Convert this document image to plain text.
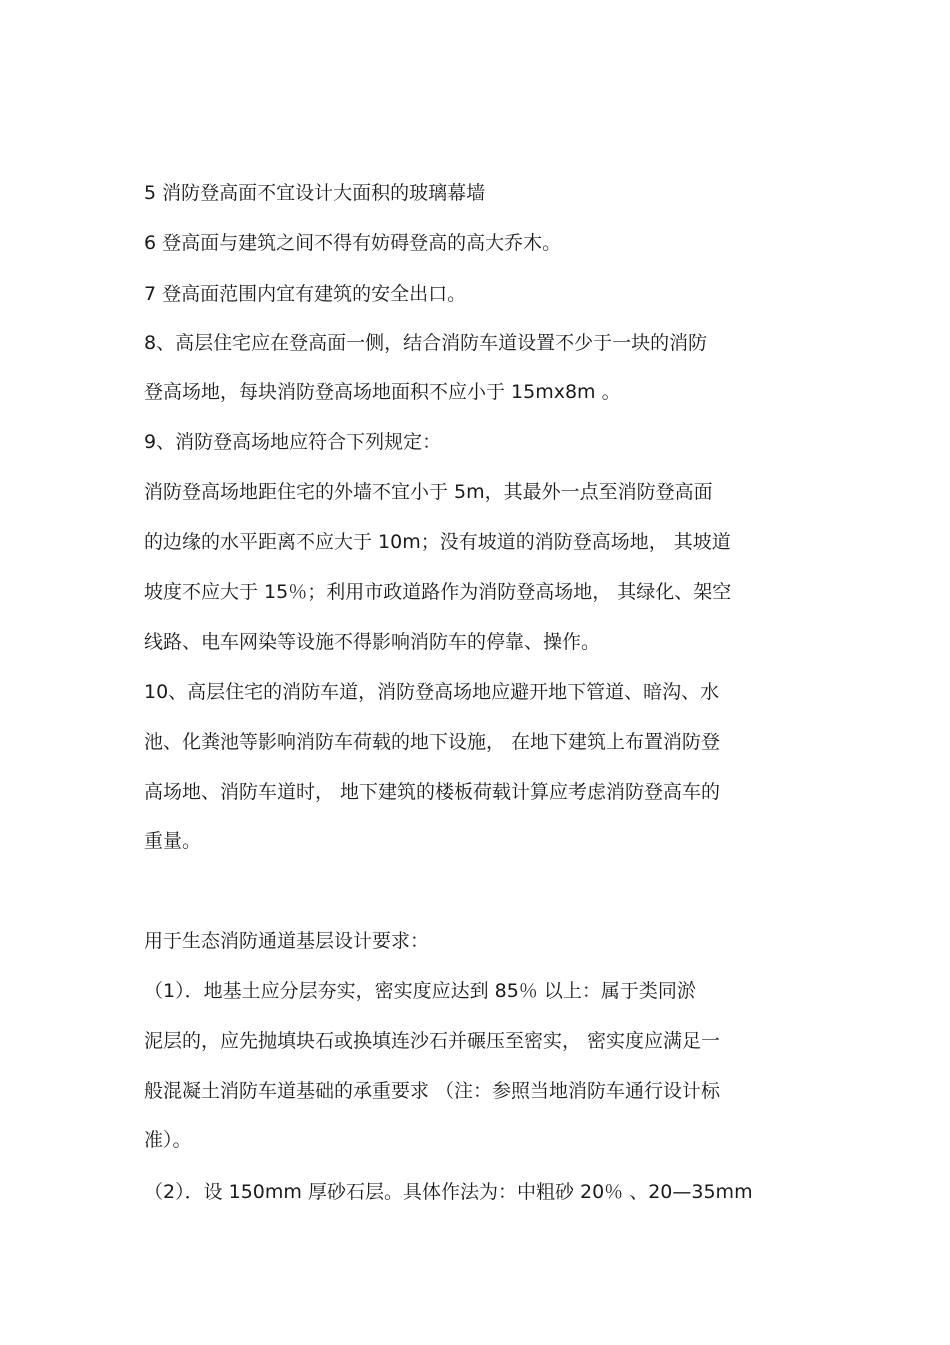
5 消防登高面不宜设计大面积的玻璃幕墙
6 登高面与建筑之间不得有妨碍登高的高大乔木。
7 登高面范围内宜有建筑的安全出口。
8、高层住宅应在登高面一侧，结合消防车道设置不少于一块的消防
登高场地，每块消防登高场地面积不应小于 15mx8m 。
9、消防登高场地应符合下列规定：
消防登高场地距住宅的外墙不宜小于 5m，其最外一点至消防登高面
的边缘的水平距离不应大于 10m；没有坡道的消防登高场地， 其坡道
坡度不应大于 15％；利用市政道路作为消防登高场地， 其绿化、架空
线路、电车网染等设施不得影响消防车的停靠、操作。
10、高层住宅的消防车道，消防登高场地应避开地下管道、暗沟、水
池、化粪池等影响消防车荷载的地下设施， 在地下建筑上布置消防登
高场地、消防车道时， 地下建筑的楼板荷载计算应考虑消防登高车的
重量。
用于生态消防通道基层设计要求：
（1）．地基土应分层夯实，密实度应达到 85％ 以上：属于类同淤
泥层的，应先抛填块石或换填连沙石并碾压至密实， 密实度应满足一
般混凝土消防车道基础的承重要求 （注：参照当地消防车通行设计标
准）。
（2）．设 150mm 厚砂石层。具体作法为：中粗砂 20％ 、20—35mm
